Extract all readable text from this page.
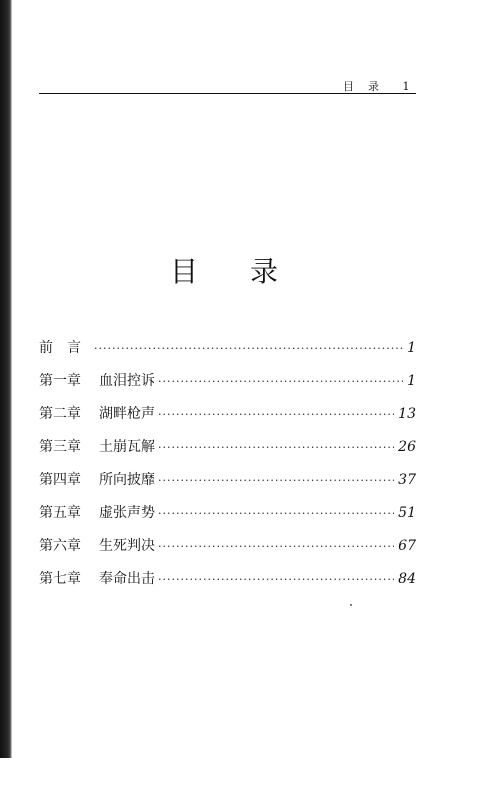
目录 1
目录
前言 ·····	1
第一章	血泪控诉 ·····	1
第二章	湖畔枪声 ·····	13
第三章	土崩瓦解 ·····	26
第四章	所向披靡 ·····	37
第五章	虚张声势 ·····	51
第六章	生死判决 ·····	67
第七章	奉命出击 ·····	84
